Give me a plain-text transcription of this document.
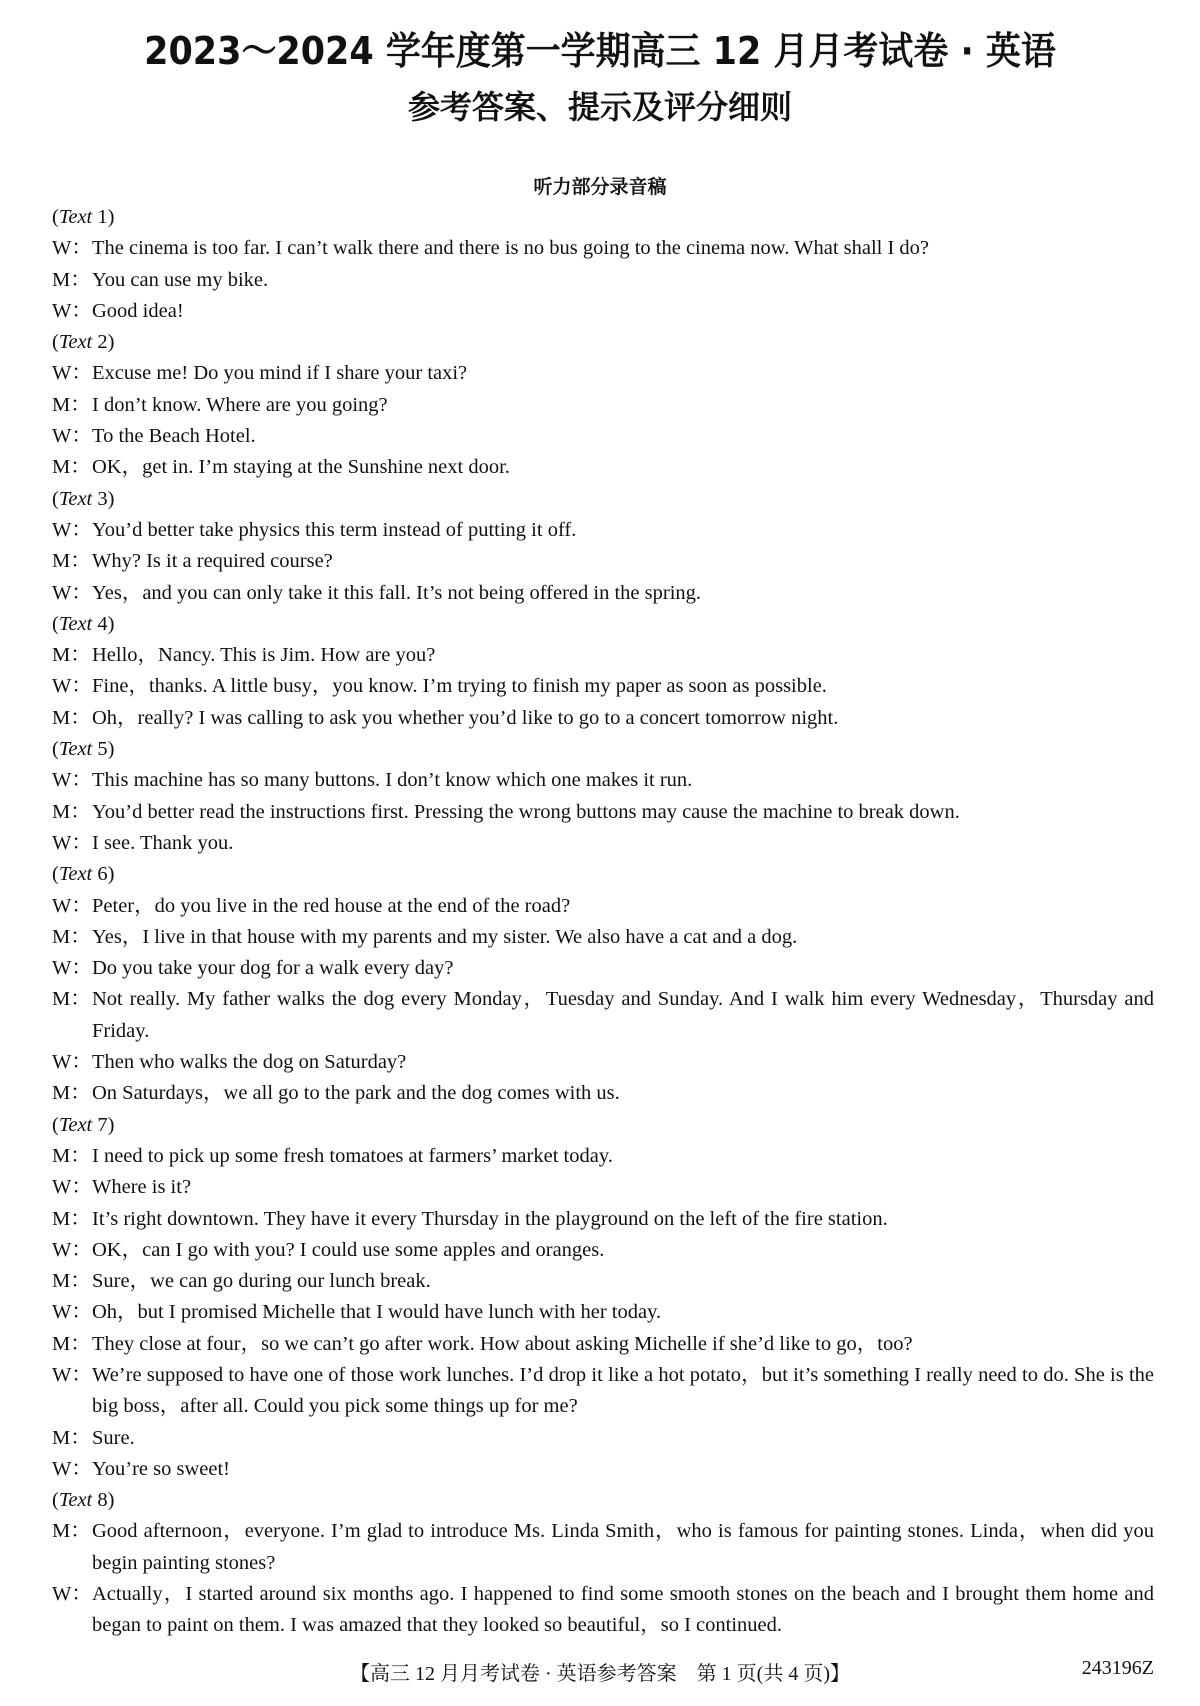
2023～2024 学年度第一学期高三 12 月月考试卷 · 英语
参考答案、提示及评分细则
听力部分录音稿
(Text 1)
W：The cinema is too far. I can’t walk there and there is no bus going to the cinema now. What shall I do?
M：You can use my bike.
W：Good idea!
(Text 2)
W：Excuse me! Do you mind if I share your taxi?
M：I don’t know. Where are you going?
W：To the Beach Hotel.
M：OK，get in. I’m staying at the Sunshine next door.
(Text 3)
W：You’d better take physics this term instead of putting it off.
M：Why? Is it a required course?
W：Yes，and you can only take it this fall. It’s not being offered in the spring.
(Text 4)
M：Hello，Nancy. This is Jim. How are you?
W：Fine，thanks. A little busy，you know. I’m trying to finish my paper as soon as possible.
M：Oh，really? I was calling to ask you whether you’d like to go to a concert tomorrow night.
(Text 5)
W：This machine has so many buttons. I don’t know which one makes it run.
M：You’d better read the instructions first. Pressing the wrong buttons may cause the machine to break down.
W：I see. Thank you.
(Text 6)
W：Peter，do you live in the red house at the end of the road?
M：Yes，I live in that house with my parents and my sister. We also have a cat and a dog.
W：Do you take your dog for a walk every day?
M：Not really. My father walks the dog every Monday，Tuesday and Sunday. And I walk him every Wednesday，Thursday and Friday.
W：Then who walks the dog on Saturday?
M：On Saturdays，we all go to the park and the dog comes with us.
(Text 7)
M：I need to pick up some fresh tomatoes at farmers’ market today.
W：Where is it?
M：It’s right downtown. They have it every Thursday in the playground on the left of the fire station.
W：OK，can I go with you? I could use some apples and oranges.
M：Sure，we can go during our lunch break.
W：Oh，but I promised Michelle that I would have lunch with her today.
M：They close at four，so we can’t go after work. How about asking Michelle if she’d like to go，too?
W：We’re supposed to have one of those work lunches. I’d drop it like a hot potato，but it’s something I really need to do. She is the big boss，after all. Could you pick some things up for me?
M：Sure.
W：You’re so sweet!
(Text 8)
M：Good afternoon，everyone. I’m glad to introduce Ms. Linda Smith，who is famous for painting stones. Linda，when did you begin painting stones?
W：Actually，I started around six months ago. I happened to find some smooth stones on the beach and I brought them home and began to paint on them. I was amazed that they looked so beautiful，so I continued.
【高三 12 月月考试卷 · 英语参考答案　第 1 页(共 4 页)】	243196Z
